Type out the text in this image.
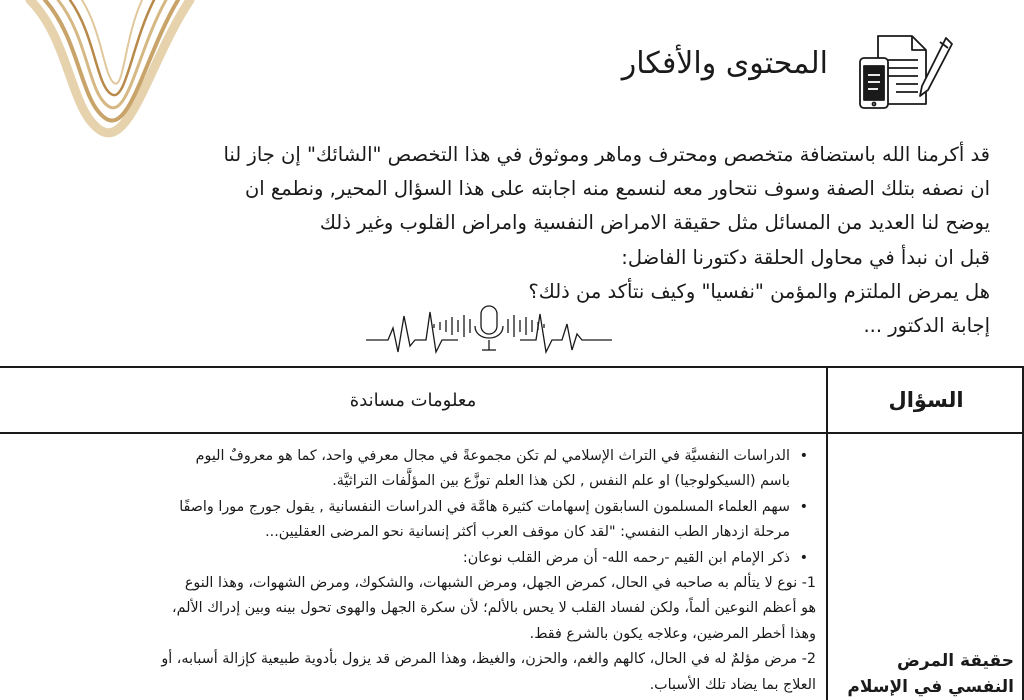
المحتوى والأفكار

قد أكرمنا الله باستضافة متخصص ومحترف وماهر وموثوق في هذا التخصص "الشائك" إن جاز لنا

ان نصفه بتلك الصفة وسوف نتحاور معه لنسمع منه اجابته على هذا السؤال المحير, ونطمع ان

يوضح لنا العديد من المسائل مثل حقيقة الامراض النفسية وامراض القلوب وغير ذلك

قبل ان نبدأ في محاول الحلقة دكتورنا الفاضل:

هل يمرض الملتزم والمؤمن "نفسيا" وكيف نتأكد من ذلك؟

إجابة الدكتور ...

السؤال
معلومات مساندة
• الدراسات النفسيَّة في التراث الإسلامي لم تكن مجموعةً في مجال معرفي واحد، كما هو معروفٌ اليوم
باسم (السيكولوجيا) او علم النفس , لكن هذا العلم توزَّع بين المؤلَّفات التراثيَّة.
• سهم العلماء المسلمون السابقون إسهامات كثيرة هامَّة في الدراسات النفسانية , يقول جورج مورا واصفًا
مرحلة ازدهار الطب النفسي: "لقد كان موقف العرب أكثر إنسانية نحو المرضى العقليين...
• ذكر الإمام ابن القيم -رحمه الله- أن مرض القلب نوعان:
1- نوع لا يتألم به صاحبه في الحال، كمرض الجهل، ومرض الشبهات، والشكوك، ومرض الشهوات، وهذا النوع
هو أعظم النوعين ألماً، ولكن لفساد القلب لا يحس بالألم؛ لأن سكرة الجهل والهوى تحول بينه وبين إدراك الألم،
وهذا أخطر المرضين، وعلاجه يكون بالشرع فقط.
2- مرض مؤلمٌ له في الحال، كالهم والغم، والحزن، والغيظ، وهذا المرض قد يزول بأدوية طبيعية كإزالة أسبابه، أو
العلاج بما يضاد تلك الأسباب.
حقيقة المرض
النفسي في الإسلام
